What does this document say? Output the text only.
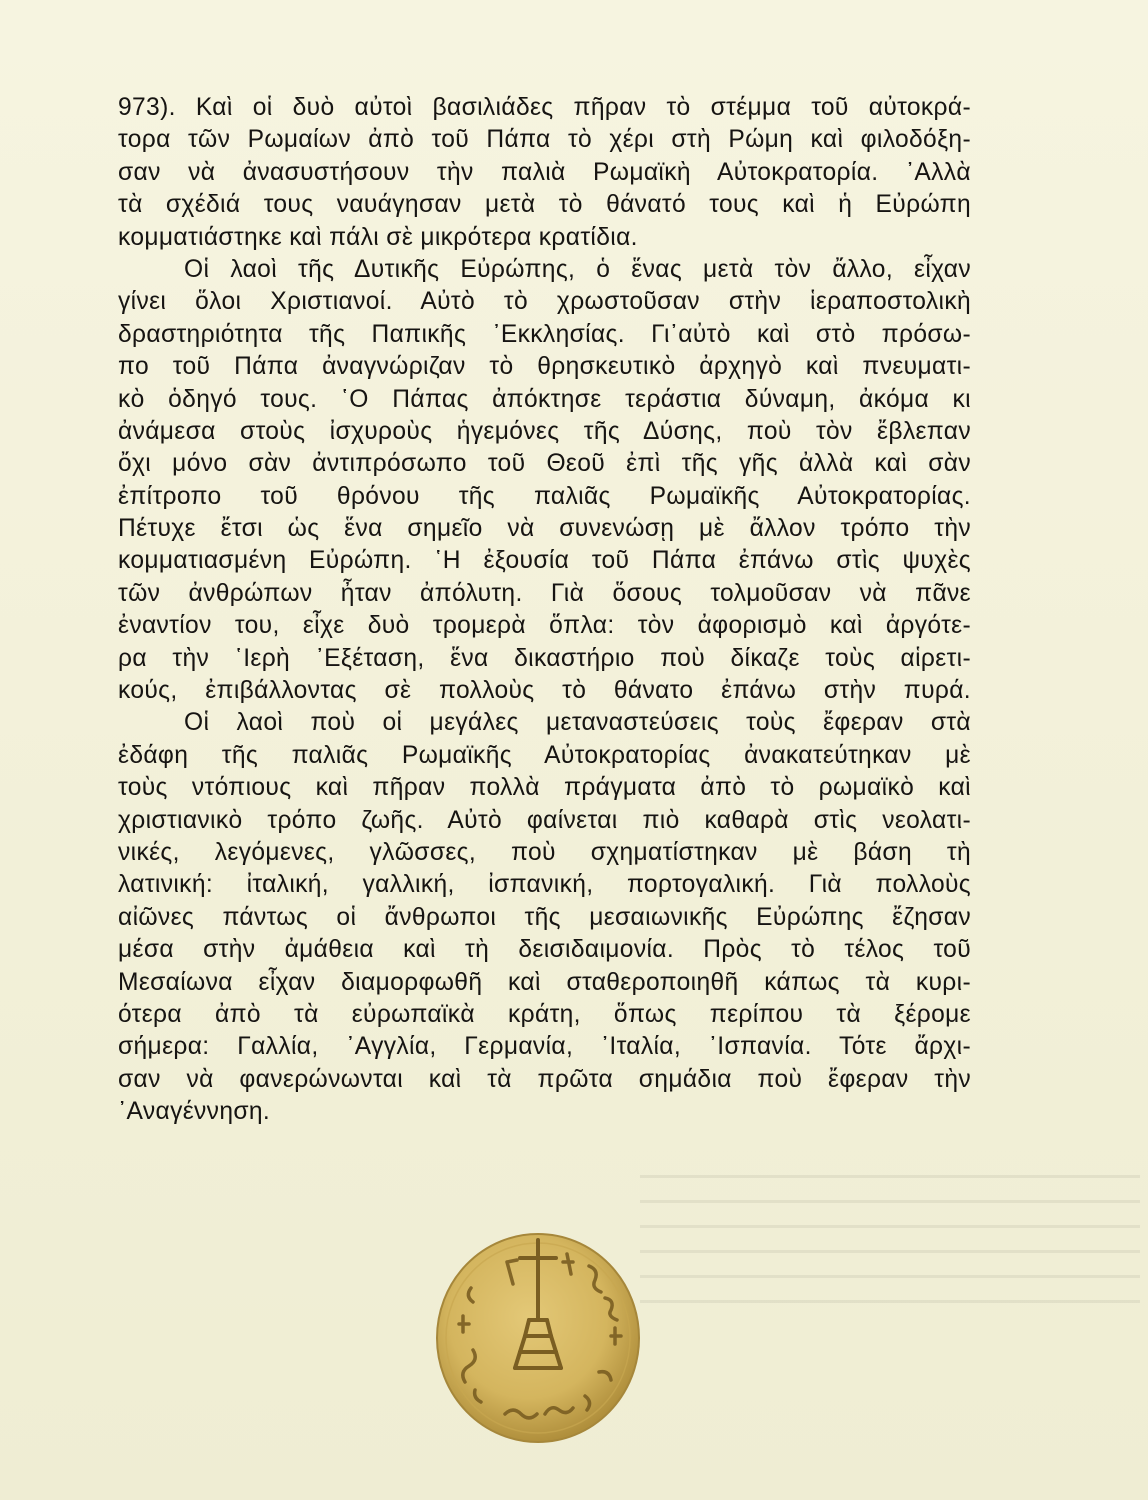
973). Καὶ οἱ δυὸ αὐτοὶ βασιλιάδες πῆραν τὸ στέμμα τοῦ αὐτοκρά-
τορα τῶν Ρωμαίων ἀπὸ τοῦ Πάπα τὸ χέρι στὴ Ρώμη καὶ φιλοδόξη-
σαν νὰ ἀνασυστήσουν τὴν παλιὰ Ρωμαϊκὴ Αὐτοκρατορία. ᾿Αλλὰ
τὰ σχέδιά τους ναυάγησαν μετὰ τὸ θάνατό τους καὶ ἡ Εὐρώπη
κομματιάστηκε καὶ πάλι σὲ μικρότερα κρατίδια.
Οἱ λαοὶ τῆς Δυτικῆς Εὐρώπης, ὁ ἕνας μετὰ τὸν ἄλλο, εἶχαν
γίνει ὅλοι Χριστιανοί. Αὐτὸ τὸ χρωστοῦσαν στὴν ἱεραποστολικὴ
δραστηριότητα τῆς Παπικῆς ᾿Εκκλησίας. Γι᾿αὐτὸ καὶ στὸ πρόσω-
πο τοῦ Πάπα ἀναγνώριζαν τὸ θρησκευτικὸ ἀρχηγὸ καὶ πνευματι-
κὸ ὁδηγό τους. ῾Ο Πάπας ἀπόκτησε τεράστια δύναμη, ἀκόμα κι
ἀνάμεσα στοὺς ἰσχυροὺς ἡγεμόνες τῆς Δύσης, ποὺ τὸν ἔβλεπαν
ὄχι μόνο σὰν ἀντιπρόσωπο τοῦ Θεοῦ ἐπὶ τῆς γῆς ἀλλὰ καὶ σὰν
ἐπίτροπο τοῦ θρόνου τῆς παλιᾶς Ρωμαϊκῆς Αὐτοκρατορίας.
Πέτυχε ἔτσι ὡς ἕνα σημεῖο νὰ συνενώσῃ μὲ ἄλλον τρόπο τὴν
κομματιασμένη Εὐρώπη. ῾Η ἐξουσία τοῦ Πάπα ἐπάνω στὶς ψυχὲς
τῶν ἀνθρώπων ἦταν ἀπόλυτη. Γιὰ ὅσους τολμοῦσαν νὰ πᾶνε
ἐναντίον του, εἶχε δυὸ τρομερὰ ὅπλα: τὸν ἀφορισμὸ καὶ ἀργότε-
ρα τὴν ῾Ιερὴ ᾿Εξέταση, ἕνα δικαστήριο ποὺ δίκαζε τοὺς αἱρετι-
κούς, ἐπιβάλλοντας σὲ πολλοὺς τὸ θάνατο ἐπάνω στὴν πυρά.
Οἱ λαοὶ ποὺ οἱ μεγάλες μεταναστεύσεις τοὺς ἔφεραν στὰ
ἐδάφη τῆς παλιᾶς Ρωμαϊκῆς Αὐτοκρατορίας ἀνακατεύτηκαν μὲ
τοὺς ντόπιους καὶ πῆραν πολλὰ πράγματα ἀπὸ τὸ ρωμαϊκὸ καὶ
χριστιανικὸ τρόπο ζωῆς. Αὐτὸ φαίνεται πιὸ καθαρὰ στὶς νεολατι-
νικές, λεγόμενες, γλῶσσες, ποὺ σχηματίστηκαν μὲ βάση τὴ
λατινική: ἰταλική, γαλλική, ἰσπανική, πορτογαλική. Γιὰ πολλοὺς
αἰῶνες πάντως οἱ ἄνθρωποι τῆς μεσαιωνικῆς Εὐρώπης ἔζησαν
μέσα στὴν ἀμάθεια καὶ τὴ δεισιδαιμονία. Πρὸς τὸ τέλος τοῦ
Μεσαίωνα εἶχαν διαμορφωθῆ καὶ σταθεροποιηθῆ κάπως τὰ κυρι-
ότερα ἀπὸ τὰ εὐρωπαϊκὰ κράτη, ὅπως περίπου τὰ ξέρομε
σήμερα: Γαλλία, ᾿Αγγλία, Γερμανία, ᾿Ιταλία, ᾿Ισπανία. Τότε ἄρχι-
σαν νὰ φανερώνωνται καὶ τὰ πρῶτα σημάδια ποὺ ἔφεραν τὴν
᾿Αναγέννηση.
